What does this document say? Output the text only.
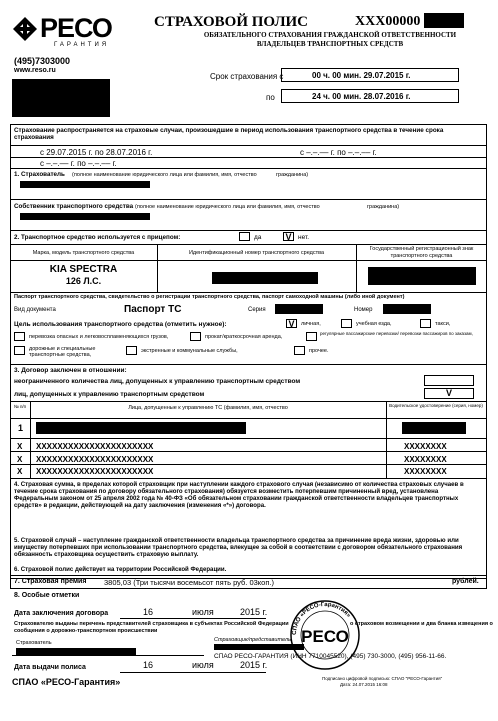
РЕСО
ГАРАНТИЯ
(495)7303000
www.reso.ru
СТРАХОВОЙ ПОЛИС	ХХХ00000
ОБЯЗАТЕЛЬНОГО СТРАХОВАНИЯ ГРАЖДАНСКОЙ ОТВЕТСТВЕННОСТИ
ВЛАДЕЛЬЦЕВ ТРАНСПОРТНЫХ СРЕДСТВ
Срок страхования с	00 ч. 00 мин. 29.07.2015 г.
по	24 ч. 00 мин. 28.07.2016 г.
Страхование распространяется на страховые случаи, произошедшие в период использования транспортного средства в течение срока страхования
с 29.07.2015 г. по 28.07.2016 г.	с –.–.–– г. по –.–.–– г.
с –.–.–– г. по –.–.–– г.
1. Страхователь (полное наименование юридического лица или фамилия, имя, отчество	гражданина)
Собственник транспортного средства (полное наименование юридического лица или фамилия, имя, отчество	гражданина)
2. Транспортное средство используется с прицепом:	да	V	нет.
Марка, модель транспортного средства	Идентификационный номер транспортного средства
Государственный регистрационный знак транспортного средства
KIA SPECTRA
126 Л.С.
Паспорт транспортного средства, свидетельство о регистрации транспортного средства, паспорт самоходной машины (либо иной документ)
Вид документа	Паспорт ТС	Серия	Номер
Цель использования транспортного средства (отметить нужное):	V	личная,	учебная езда,	такси,
перевозка опасных и легковоспламеняющихся грузов,	прокат/краткосрочная аренда,
регулярные пассажирские перевозки/ перевозки пассажиров по заказам,
дорожные и специальные транспортные средства,
экстренные и коммунальные службы,	прочее.
3. Договор заключен в отношении:
неограниченного количества лиц, допущенных к управлению транспортным средством
лиц, допущенных к управлению транспортным средством	V
№ п/п	Лица, допущенные к управлению ТС (фамилия, имя, отчество	Водительское удостоверение (серия, номер)
1
Х ХХХХХХХХХХХХХХХХХХХХХХ	ХХХХХХХХ
Х ХХХХХХХХХХХХХХХХХХХХХХ	ХХХХХХХХ
Х ХХХХХХХХХХХХХХХХХХХХХХ	ХХХХХХХХ
4. Страховая сумма, в пределах которой страховщик при наступлении каждого страхового случая (независимо от количества страховых случаев в течение срока страхования по договору обязательного страхования) обязуется возместить потерпевшим причиненный вред, установлена Федеральным законом от 25 апреля 2002 года № 40-ФЗ «Об обязательном страховании гражданской ответственности владельцев транспортных средств» в редакции, действующей на дату заключения (изменения «*») договора.
5. Страховой случай – наступление гражданской ответственности владельца транспортного средства за причинение вреда жизни, здоровью или имуществу потерпевших при использовании транспортного средства, влекущее за собой в соответствии с договором обязательного страхования обязанность страховщика осуществить страховую выплату.
6. Страховой полис действует на территории Российской Федерации.
7. Страховая премия 3805,03 (Три тысячи восемьсот пять руб. 03коп.)	рублей.
8. Особые отметки
Дата заключения договора	16	июля	2015 г.
Страхователю выданы перечень представителей страховщика в субъектах Российской Федерации сообщения о дорожно-транспортном происшествии
о страховом возмещении и два бланка извещения о
Страхователь	Страховщик/представитель
СПАО РЕСО-ГАРАНТИЯ (ИНН 7710045520), (495) 730-3000, (495) 956-11-66.
СПАО «РЕСО-Гарантия»
РЕСО
Дата выдачи полиса	16	июля	2015 г.
СПАО «РЕСО-Гарантия»	Подписано цифровой подписью: СПАО "РЕСО-Гарантия"
Дата: 24.07.2015 16:08
